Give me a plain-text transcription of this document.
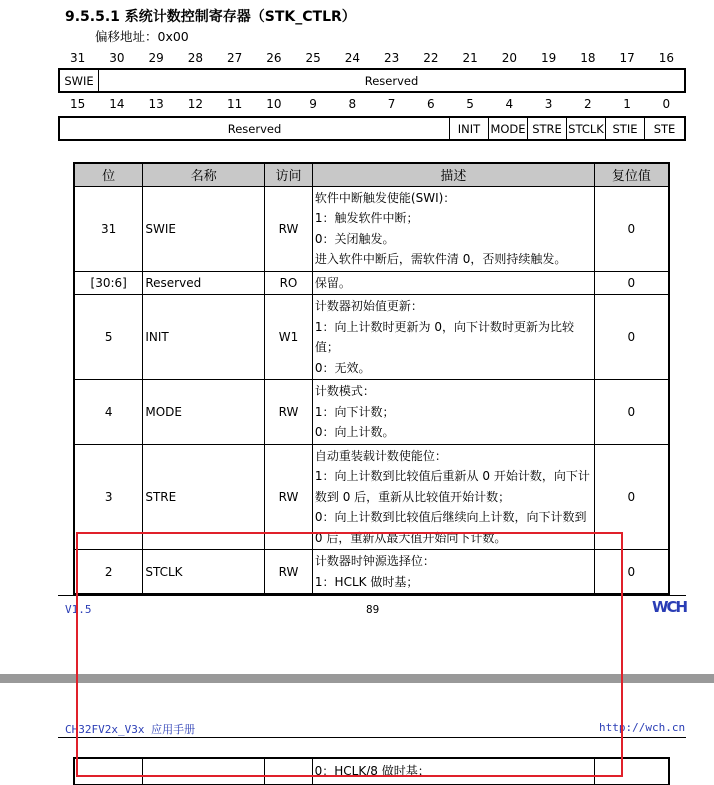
9.5.5.1 系统计数控制寄存器（STK_CTLR）
偏移地址：0x00
31	30	29	28	27	26	25	24	23	22	21	20	19	18	17	16
SWIE	Reserved
15	14	13	12	11	10	9	8	7	6	5	4	3	2	1	0
Reserved	INIT MODE STRE STCLK STIE	STE
位	名称	访问	描述	复位值
31	SWIE	RW	软件中断触发使能(SWI)：
1：触发软件中断；
0：关闭触发。
进入软件中断后，需软件清 0，否则持续触发。	0
[30:6]	Reserved	RO	保留。	0
5	INIT	W1	计数器初始值更新：
1：向上计数时更新为 0，向下计数时更新为比较值；
0：无效。	0
4	MODE	RW	计数模式：
1：向下计数；
0：向上计数。	0
3	STRE	RW	自动重装载计数使能位：
1：向上计数到比较值后重新从 0 开始计数，向下计数到 0 后，重新从比较值开始计数；
0：向上计数到比较值后继续向上计数，向下计数到 0 后，重新从最大值开始向下计数。	0
2	STCLK	RW	计数器时钟源选择位：
1：HCLK 做时基；	0
V1.5	89	WCH
CH32FV2x_V3x 应用手册	http://wch.cn
			0：HCLK/8 做时基；	
